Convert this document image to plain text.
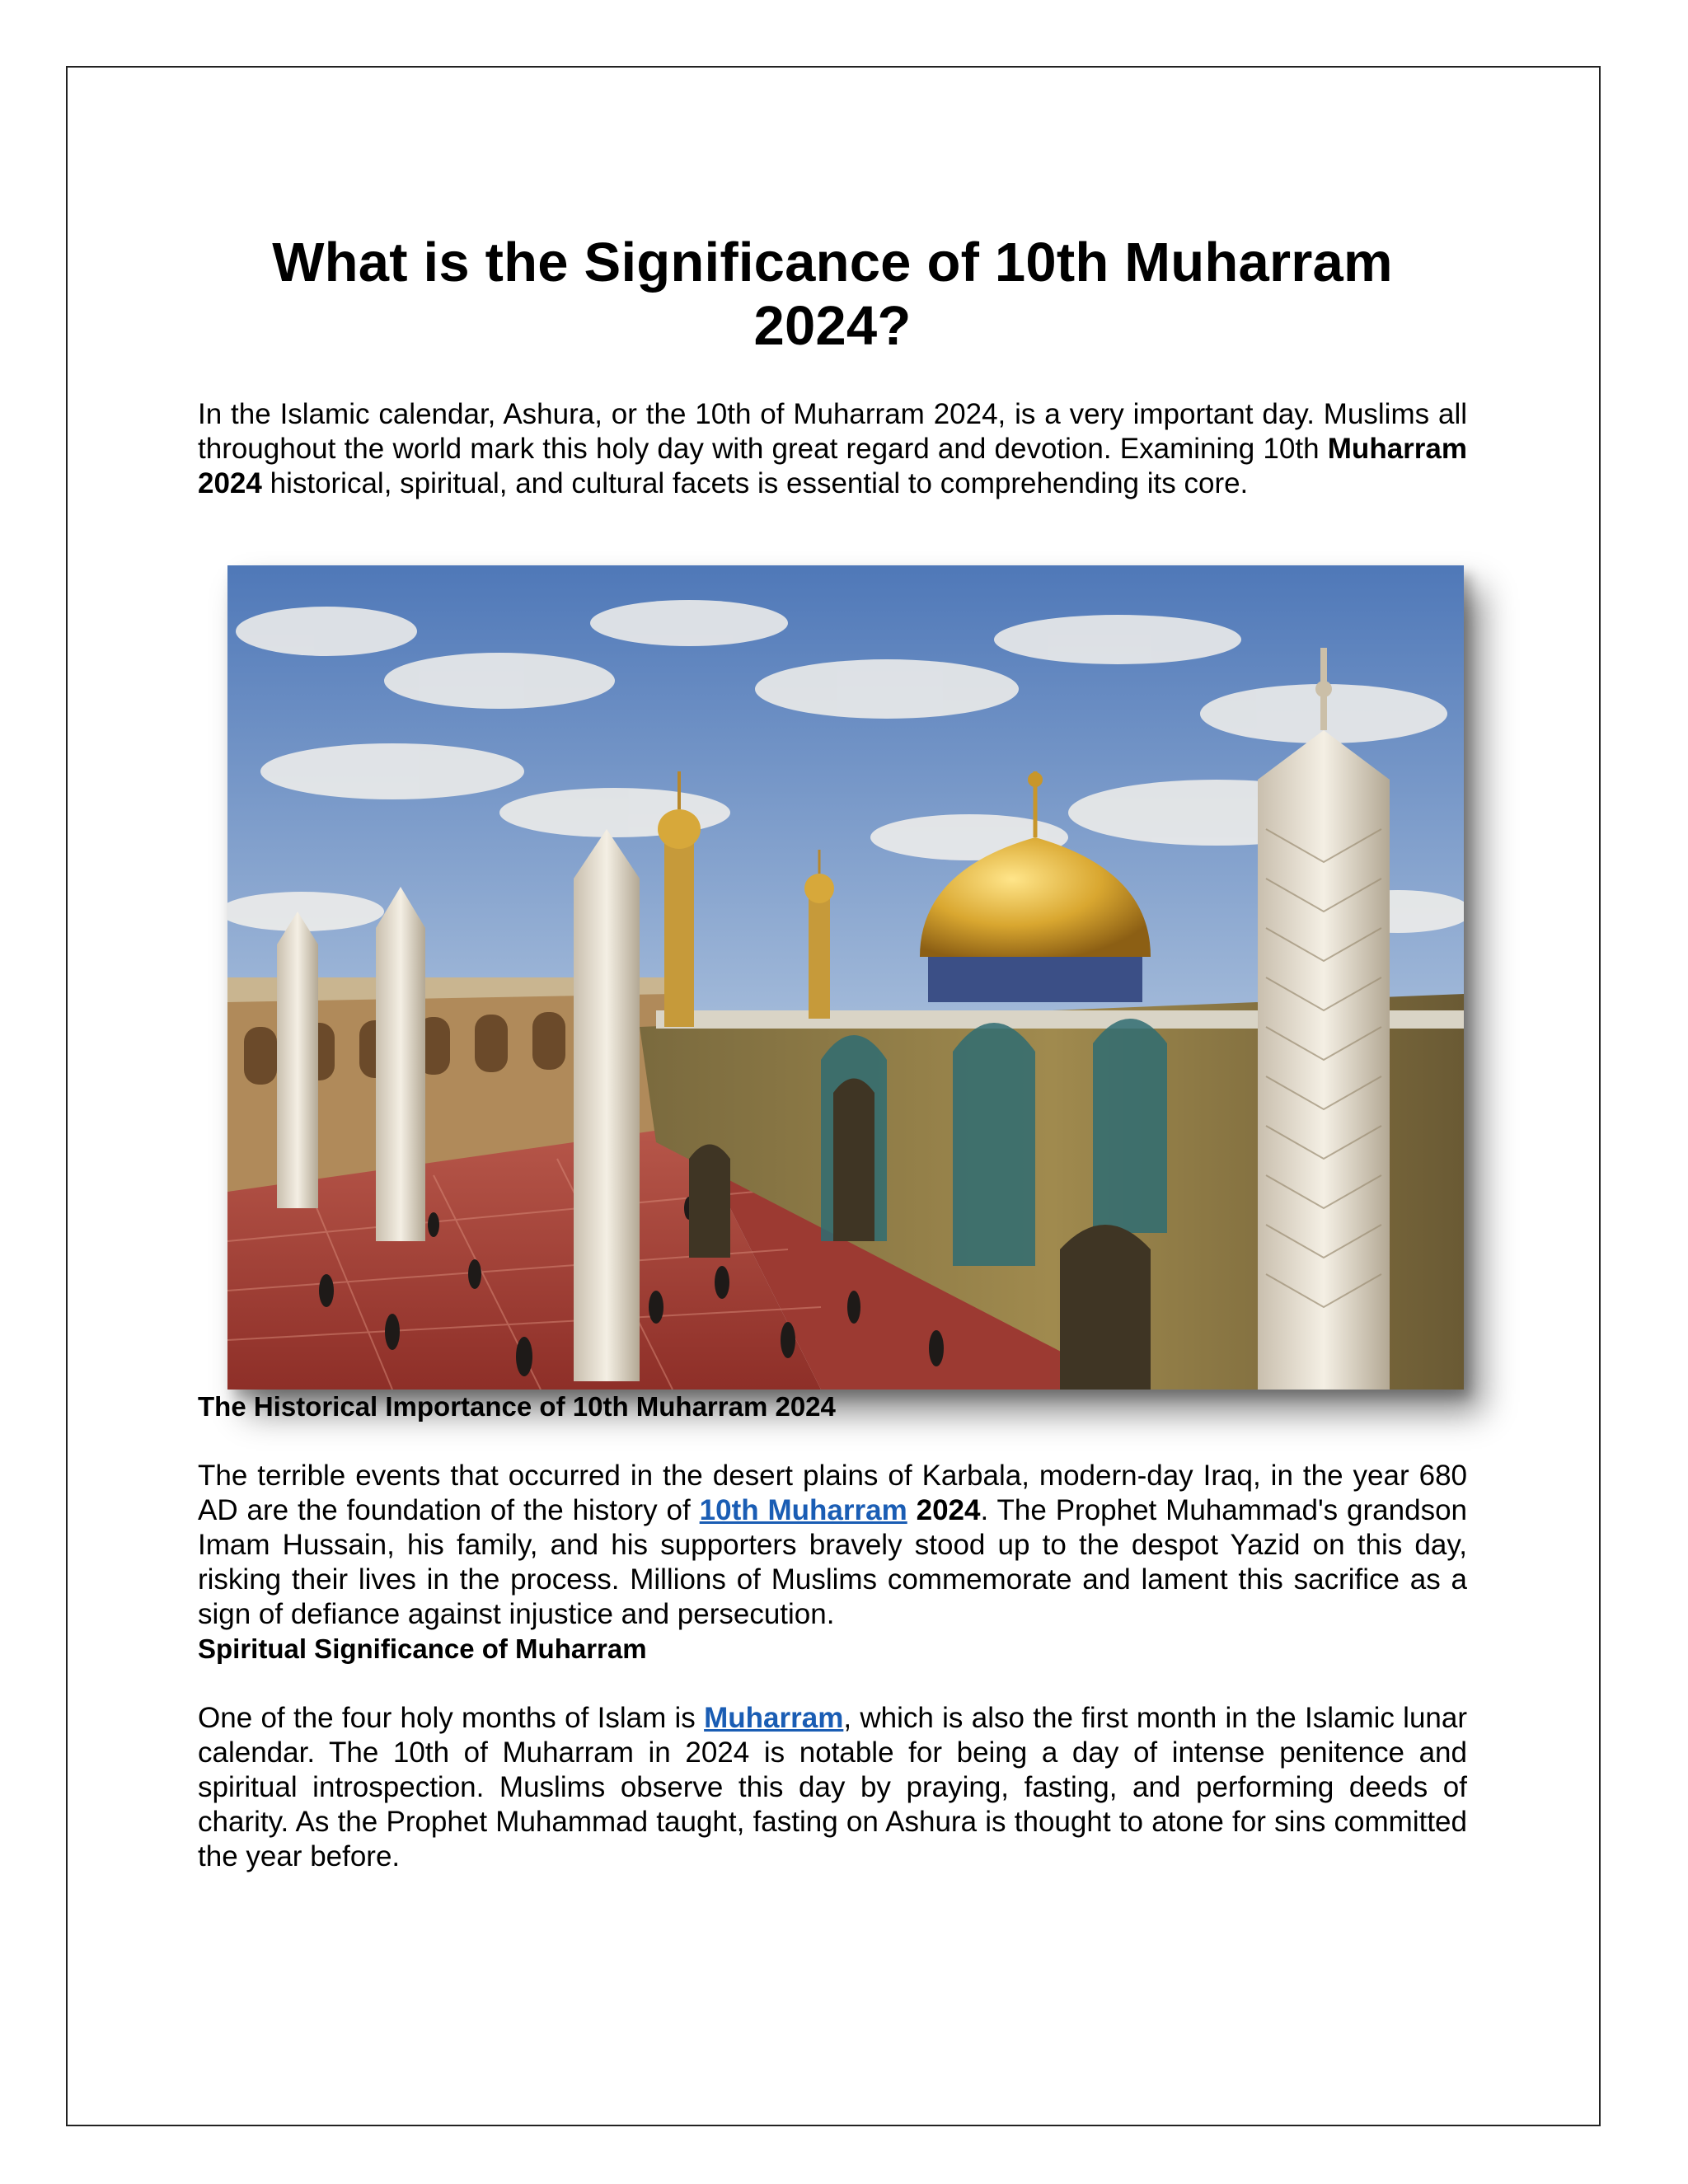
What is the Significance of 10th Muharram 2024?

In the Islamic calendar, Ashura, or the 10th of Muharram 2024, is a very important day. Muslims all throughout the world mark this holy day with great regard and devotion. Examining 10th Muharram 2024 historical, spiritual, and cultural facets is essential to comprehending its core.

The Historical Importance of 10th Muharram 2024

The terrible events that occurred in the desert plains of Karbala, modern-day Iraq, in the year 680 AD are the foundation of the history of 10th Muharram 2024. The Prophet Muhammad's grandson Imam Hussain, his family, and his supporters bravely stood up to the despot Yazid on this day, risking their lives in the process. Millions of Muslims commemorate and lament this sacrifice as a sign of defiance against injustice and persecution.

Spiritual Significance of Muharram

One of the four holy months of Islam is Muharram, which is also the first month in the Islamic lunar calendar. The 10th of Muharram in 2024 is notable for being a day of intense penitence and spiritual introspection. Muslims observe this day by praying, fasting, and performing deeds of charity. As the Prophet Muhammad taught, fasting on Ashura is thought to atone for sins committed the year before.
